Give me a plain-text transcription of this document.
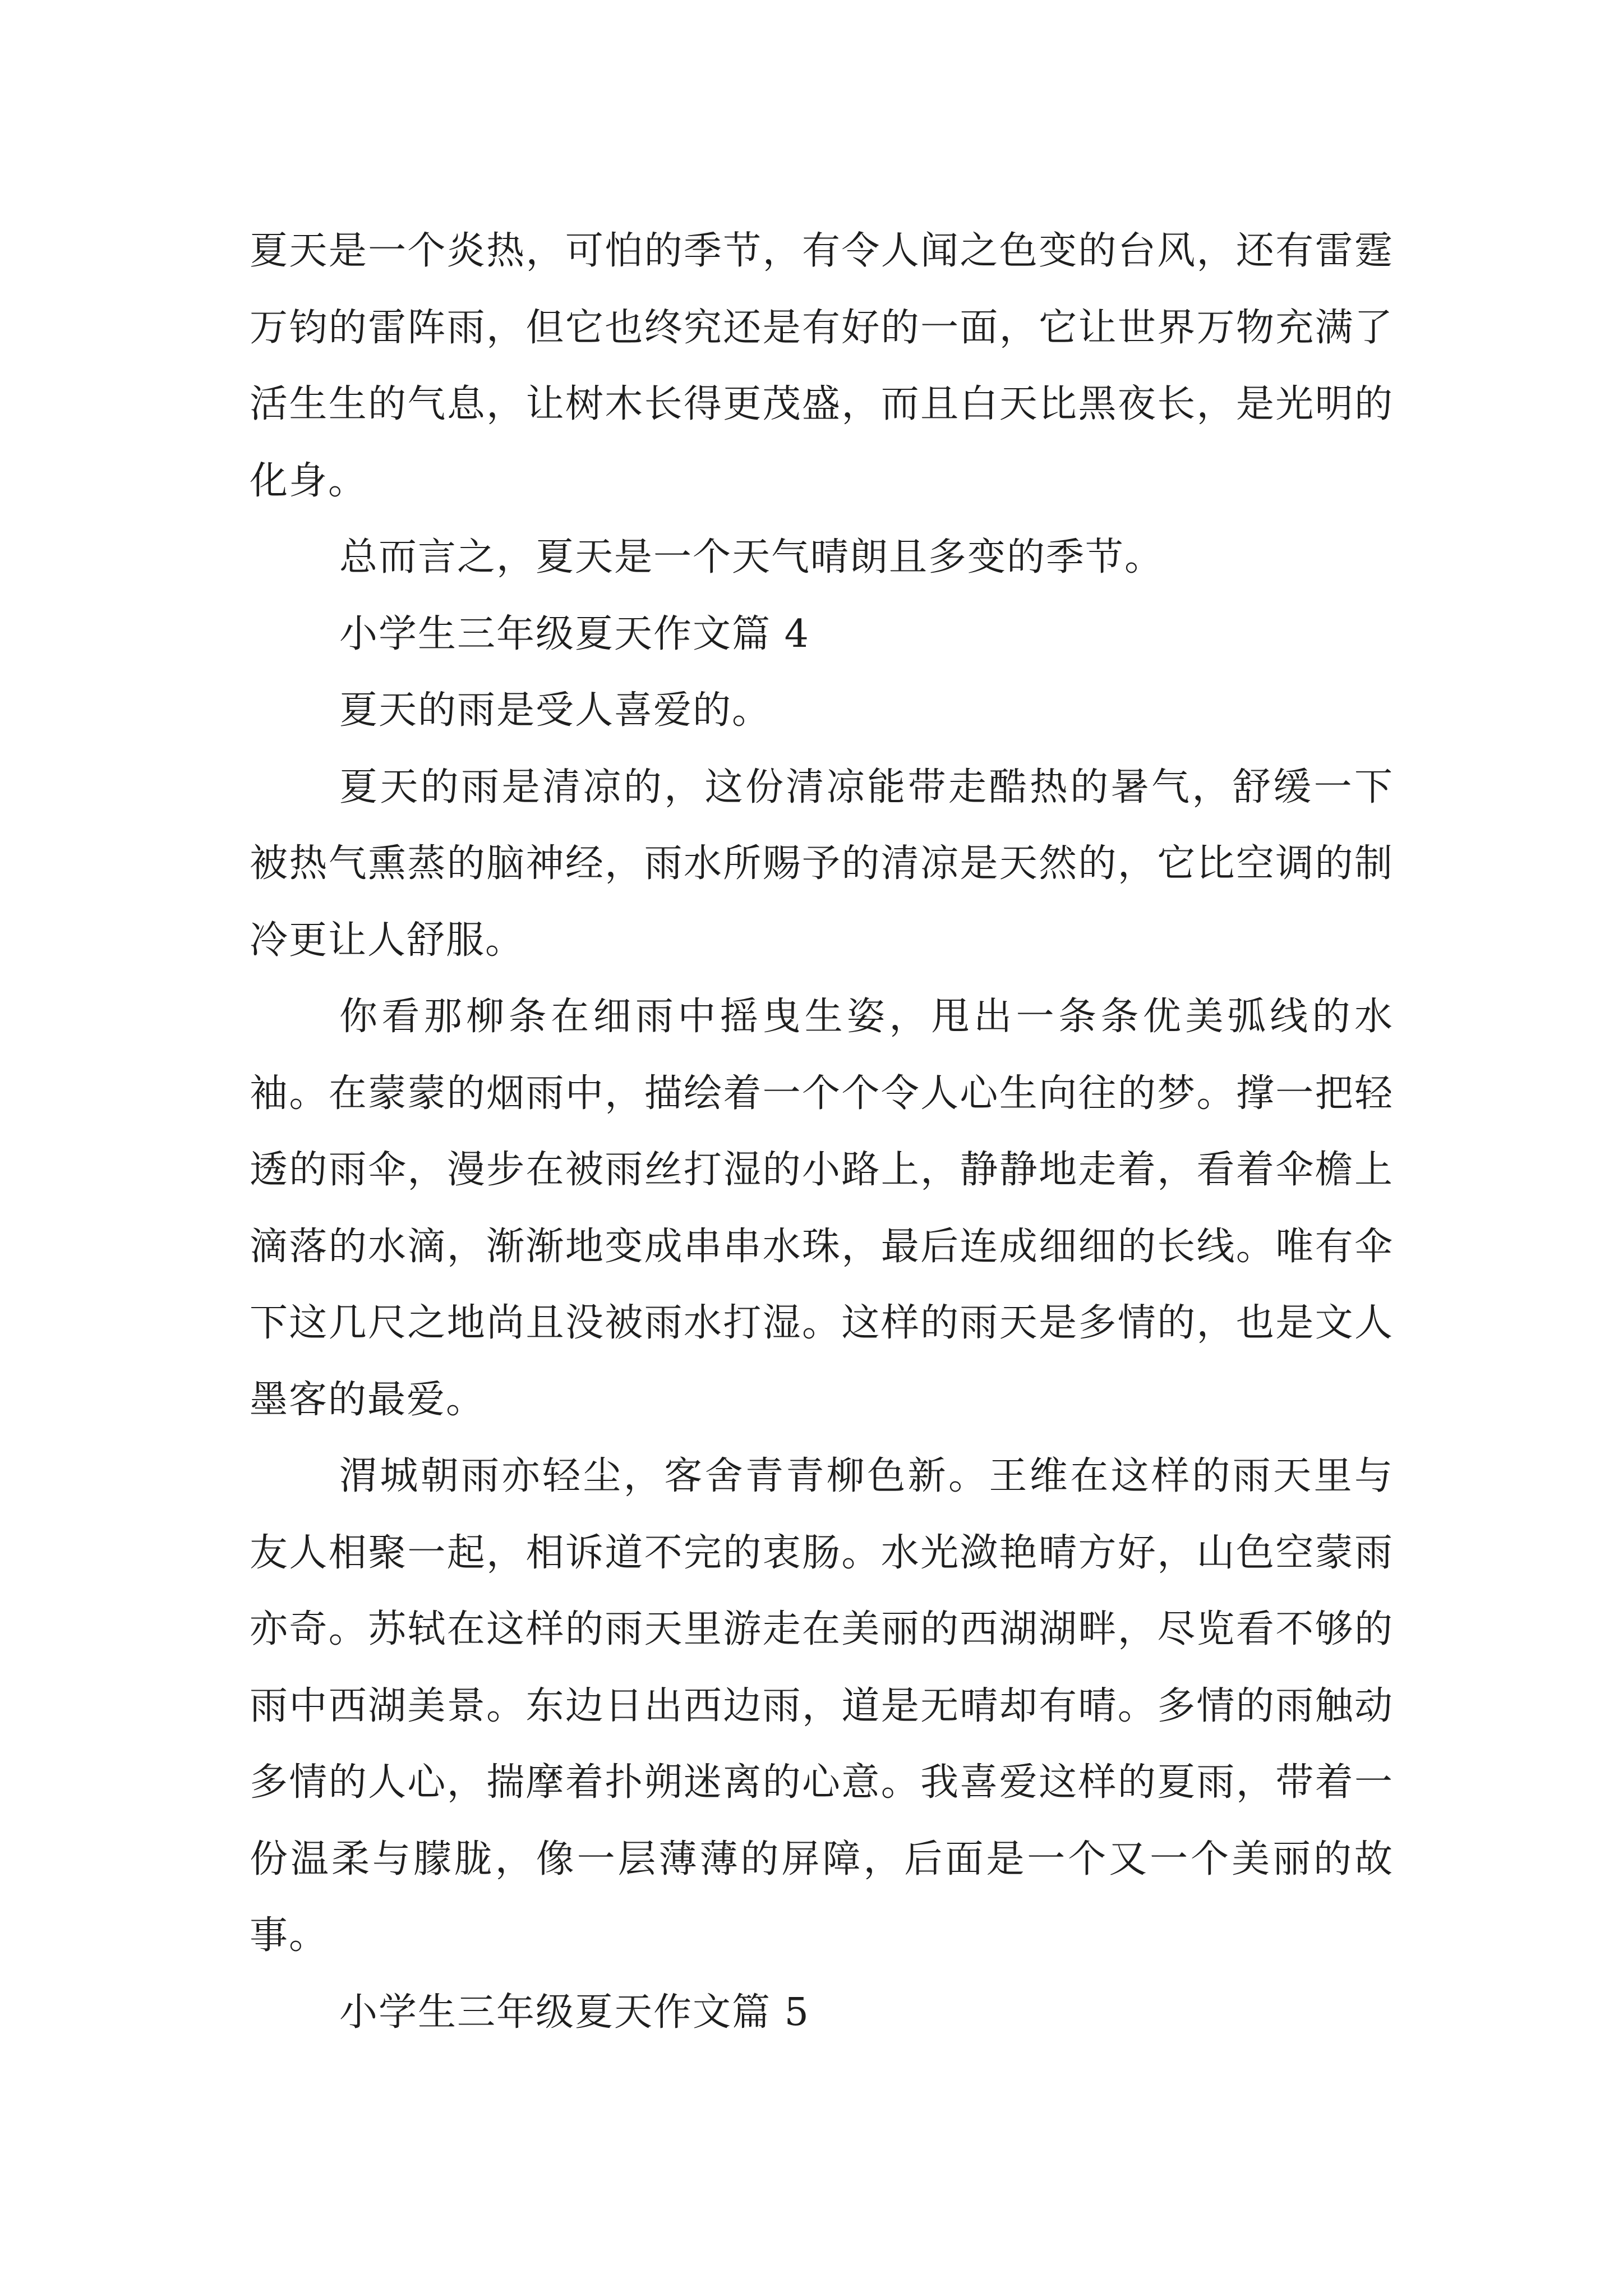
夏天是一个炎热，可怕的季节，有令人闻之色变的台风，还有雷霆万钧的雷阵雨，但它也终究还是有好的一面，它让世界万物充满了活生生的气息，让树木长得更茂盛，而且白天比黑夜长，是光明的化身。

总而言之，夏天是一个天气晴朗且多变的季节。

小学生三年级夏天作文篇 4

夏天的雨是受人喜爱的。

夏天的雨是清凉的，这份清凉能带走酷热的暑气，舒缓一下被热气熏蒸的脑神经，雨水所赐予的清凉是天然的，它比空调的制冷更让人舒服。

你看那柳条在细雨中摇曳生姿，甩出一条条优美弧线的水袖。在蒙蒙的烟雨中，描绘着一个个令人心生向往的梦。撑一把轻透的雨伞，漫步在被雨丝打湿的小路上，静静地走着，看着伞檐上滴落的水滴，渐渐地变成串串水珠，最后连成细细的长线。唯有伞下这几尺之地尚且没被雨水打湿。这样的雨天是多情的，也是文人墨客的最爱。

渭城朝雨亦轻尘，客舍青青柳色新。王维在这样的雨天里与友人相聚一起，相诉道不完的衷肠。水光潋艳晴方好，山色空蒙雨亦奇。苏轼在这样的雨天里游走在美丽的西湖湖畔，尽览看不够的雨中西湖美景。东边日出西边雨，道是无晴却有晴。多情的雨触动多情的人心，揣摩着扑朔迷离的心意。我喜爱这样的夏雨，带着一份温柔与朦胧，像一层薄薄的屏障，后面是一个又一个美丽的故事。

小学生三年级夏天作文篇 5
